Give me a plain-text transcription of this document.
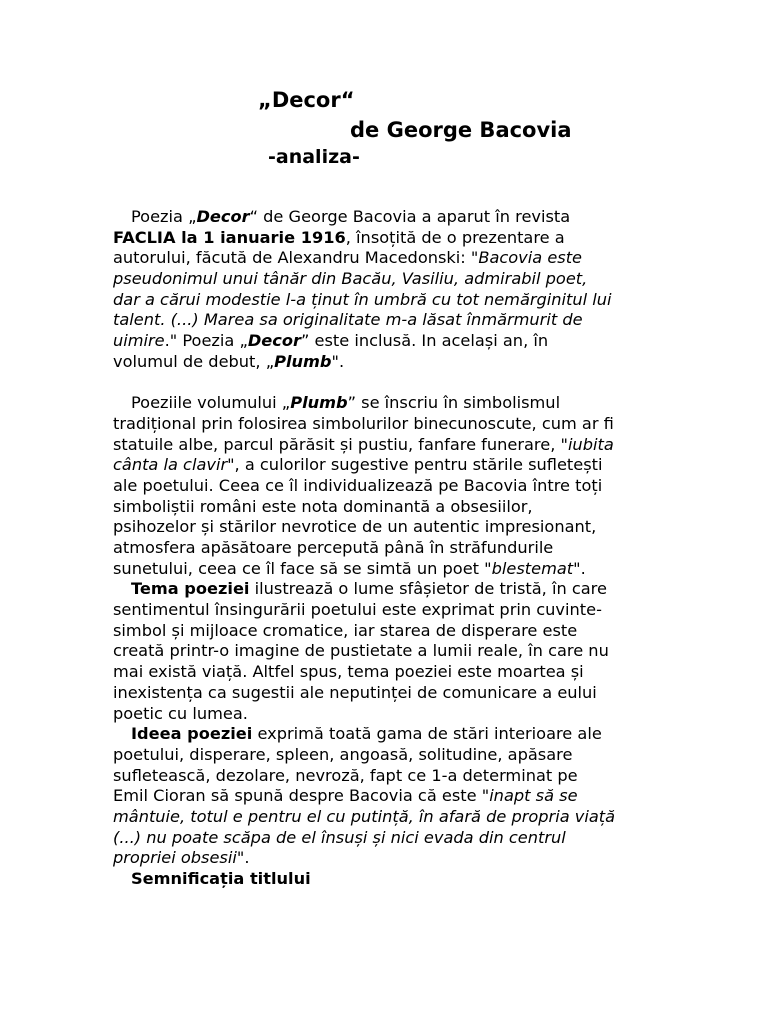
„Decor“
de George Bacovia
-analiza-
Poezia „Decor“ de George Bacovia a aparut în revista
FACLIA la 1 ianuarie 1916, însoțită de o prezentare a
autorului, făcută de Alexandru Macedonski: "Bacovia este
pseudonimul unui tânăr din Bacău, Vasiliu, admirabil poet,
dar a cărui modestie l-a ținut în umbră cu tot nemărginitul lui
talent. (...) Marea sa originalitate m-a lăsat înmărmurit de
uimire." Poezia „Decor” este inclusă. In același an, în
volumul de debut, „Plumb".
Poeziile volumului „Plumb” se înscriu în simbolismul
tradițional prin folosirea simbolurilor binecunoscute, cum ar fi
statuile albe, parcul părăsit și pustiu, fanfare funerare, "iubita
cânta la clavir", a culorilor sugestive pentru stările sufletești
ale poetului. Ceea ce îl individualizează pe Bacovia între toți
simboliștii români este nota dominantă a obsesiilor,
psihozelor și stărilor nevrotice de un autentic impresionant,
atmosfera apăsătoare percepută până în străfundurile
sunetului, ceea ce îl face să se simtă un poet "blestemat".
Tema poeziei ilustrează o lume sfâșietor de tristă, în care
sentimentul însingurării poetului este exprimat prin cuvinte-
simbol și mijloace cromatice, iar starea de disperare este
creată printr-o imagine de pustietate a lumii reale, în care nu
mai există viață. Altfel spus, tema poeziei este moartea și
inexistența ca sugestii ale neputinței de comunicare a eului
poetic cu lumea.
Ideea poeziei exprimă toată gama de stări interioare ale
poetului, disperare, spleen, angoasă, solitudine, apăsare
sufletească, dezolare, nevroză, fapt ce 1-a determinat pe
Emil Cioran să spună despre Bacovia că este "inapt să se
mântuie, totul e pentru el cu putință, în afară de propria viață
(...) nu poate scăpa de el însuși și nici evada din centrul
propriei obsesii".
Semnificația titlului
